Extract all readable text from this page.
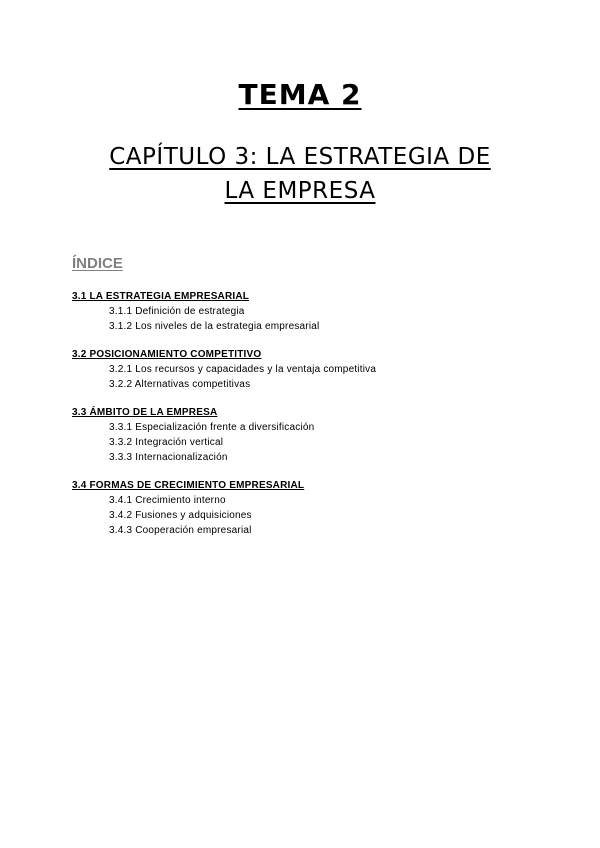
TEMA 2
CAPÍTULO 3: LA ESTRATEGIA DE
LA EMPRESA
ÍNDICE
3.1 LA ESTRATEGIA EMPRESARIAL
3.1.1 Definición de estrategia
3.1.2 Los niveles de la estrategia empresarial
3.2 POSICIONAMIENTO COMPETITIVO
3.2.1 Los recursos y capacidades y la ventaja competitiva
3.2.2 Alternativas competitivas
3.3 ÁMBITO DE LA EMPRESA
3.3.1 Especialización frente a diversificación
3.3.2 Integración vertical
3.3.3 Internacionalización
3.4 FORMAS DE CRECIMIENTO EMPRESARIAL
3.4.1 Crecimiento interno
3.4.2 Fusiones y adquisiciones
3.4.3 Cooperación empresarial
